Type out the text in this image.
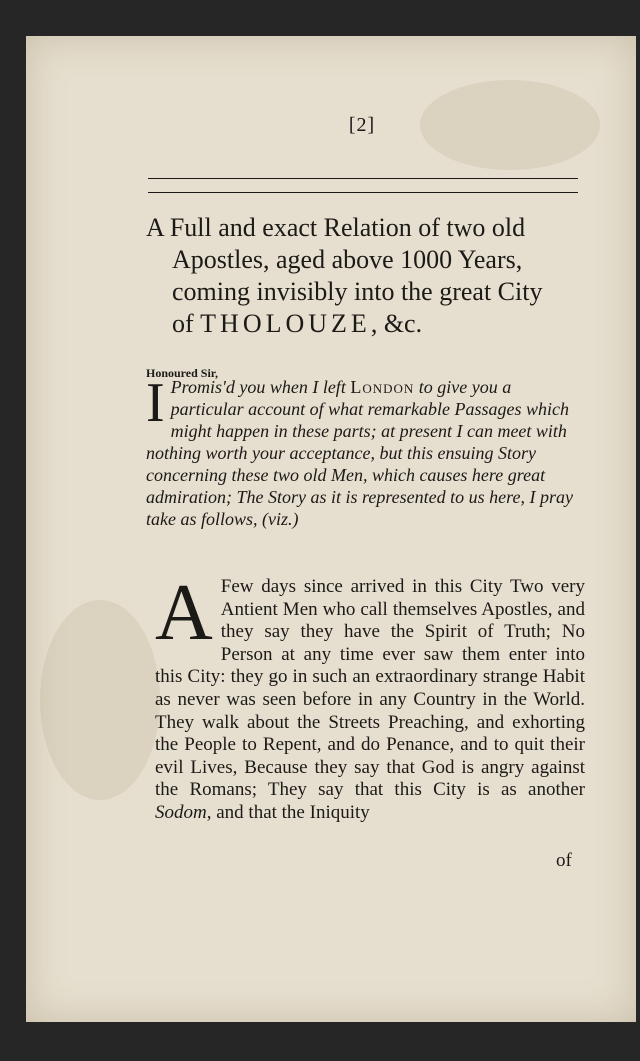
[2]
A Full and exact Relation of two old
Apostles, aged above 1000 Years,
coming invisibly into the great City
of THOLOUZE, &c.
Honoured Sir,
I Promis'd you when I left London to give you a particular account of what remarkable Passages which might happen in these parts; at present I can meet with nothing worth your acceptance, but this ensuing Story concerning these two old Men, which causes here great admiration; The Story as it is represented to us here, I pray take as follows, (viz.)
A Few days since arrived in this City Two very Antient Men who call themselves Apostles, and they say they have the Spirit of Truth; No Person at any time ever saw them enter into this City: they go in such an extraordinary strange Habit as never was seen before in any Country in the World. They walk about the Streets Preaching, and exhorting the People to Repent, and do Penance, and to quit their evil Lives, Because they say that God is angry against the Romans; They say that this City is as another Sodom, and that the Iniquity
of
